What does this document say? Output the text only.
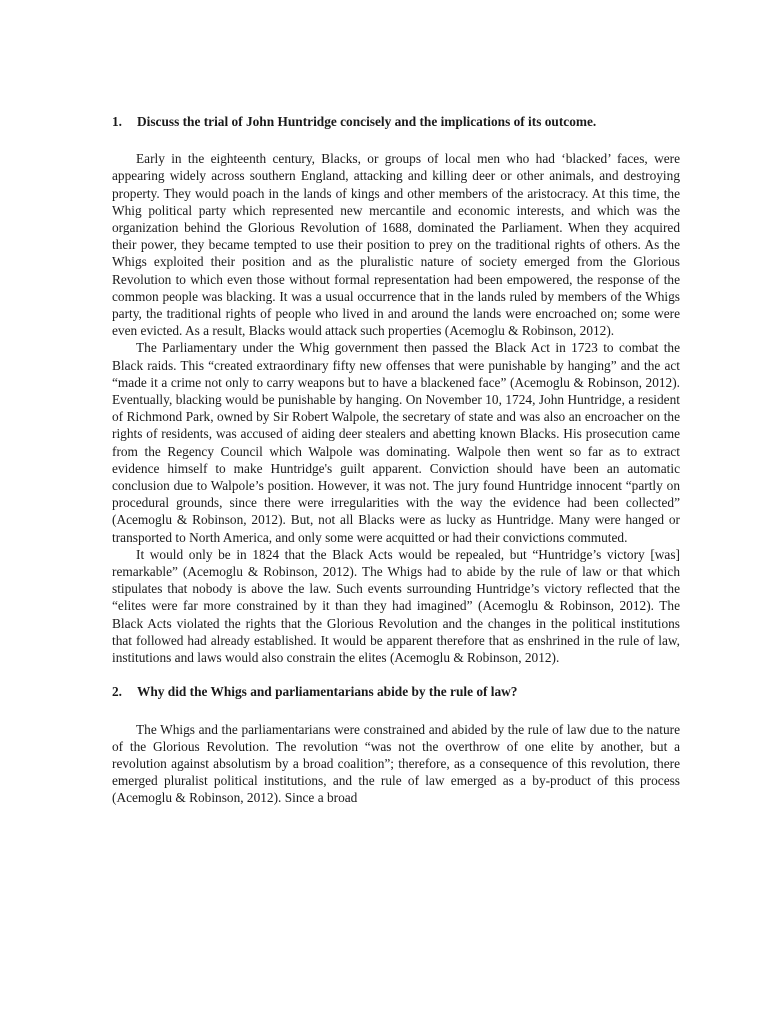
1. Discuss the trial of John Huntridge concisely and the implications of its outcome.

Early in the eighteenth century, Blacks, or groups of local men who had ‘blacked’ faces, were appearing widely across southern England, attacking and killing deer or other animals, and destroying property. They would poach in the lands of kings and other members of the aristocracy. At this time, the Whig political party which represented new mercantile and economic interests, and which was the organization behind the Glorious Revolution of 1688, dominated the Parliament. When they acquired their power, they became tempted to use their position to prey on the traditional rights of others. As the Whigs exploited their position and as the pluralistic nature of society emerged from the Glorious Revolution to which even those without formal representation had been empowered, the response of the common people was blacking. It was a usual occurrence that in the lands ruled by members of the Whigs party, the traditional rights of people who lived in and around the lands were encroached on; some were even evicted. As a result, Blacks would attack such properties (Acemoglu & Robinson, 2012).

The Parliamentary under the Whig government then passed the Black Act in 1723 to combat the Black raids. This “created extraordinary fifty new offenses that were punishable by hanging” and the act “made it a crime not only to carry weapons but to have a blackened face” (Acemoglu & Robinson, 2012). Eventually, blacking would be punishable by hanging. On November 10, 1724, John Huntridge, a resident of Richmond Park, owned by Sir Robert Walpole, the secretary of state and was also an encroacher on the rights of residents, was accused of aiding deer stealers and abetting known Blacks. His prosecution came from the Regency Council which Walpole was dominating. Walpole then went so far as to extract evidence himself to make Huntridge's guilt apparent. Conviction should have been an automatic conclusion due to Walpole’s position. However, it was not. The jury found Huntridge innocent “partly on procedural grounds, since there were irregularities with the way the evidence had been collected” (Acemoglu & Robinson, 2012). But, not all Blacks were as lucky as Huntridge. Many were hanged or transported to North America, and only some were acquitted or had their convictions commuted.

It would only be in 1824 that the Black Acts would be repealed, but “Huntridge’s victory [was] remarkable” (Acemoglu & Robinson, 2012). The Whigs had to abide by the rule of law or that which stipulates that nobody is above the law. Such events surrounding Huntridge’s victory reflected that the “elites were far more constrained by it than they had imagined” (Acemoglu & Robinson, 2012). The Black Acts violated the rights that the Glorious Revolution and the changes in the political institutions that followed had already established. It would be apparent therefore that as enshrined in the rule of law, institutions and laws would also constrain the elites (Acemoglu & Robinson, 2012).

2. Why did the Whigs and parliamentarians abide by the rule of law?

The Whigs and the parliamentarians were constrained and abided by the rule of law due to the nature of the Glorious Revolution. The revolution “was not the overthrow of one elite by another, but a revolution against absolutism by a broad coalition”; therefore, as a consequence of this revolution, there emerged pluralist political institutions, and the rule of law emerged as a by-product of this process (Acemoglu & Robinson, 2012). Since a broad
